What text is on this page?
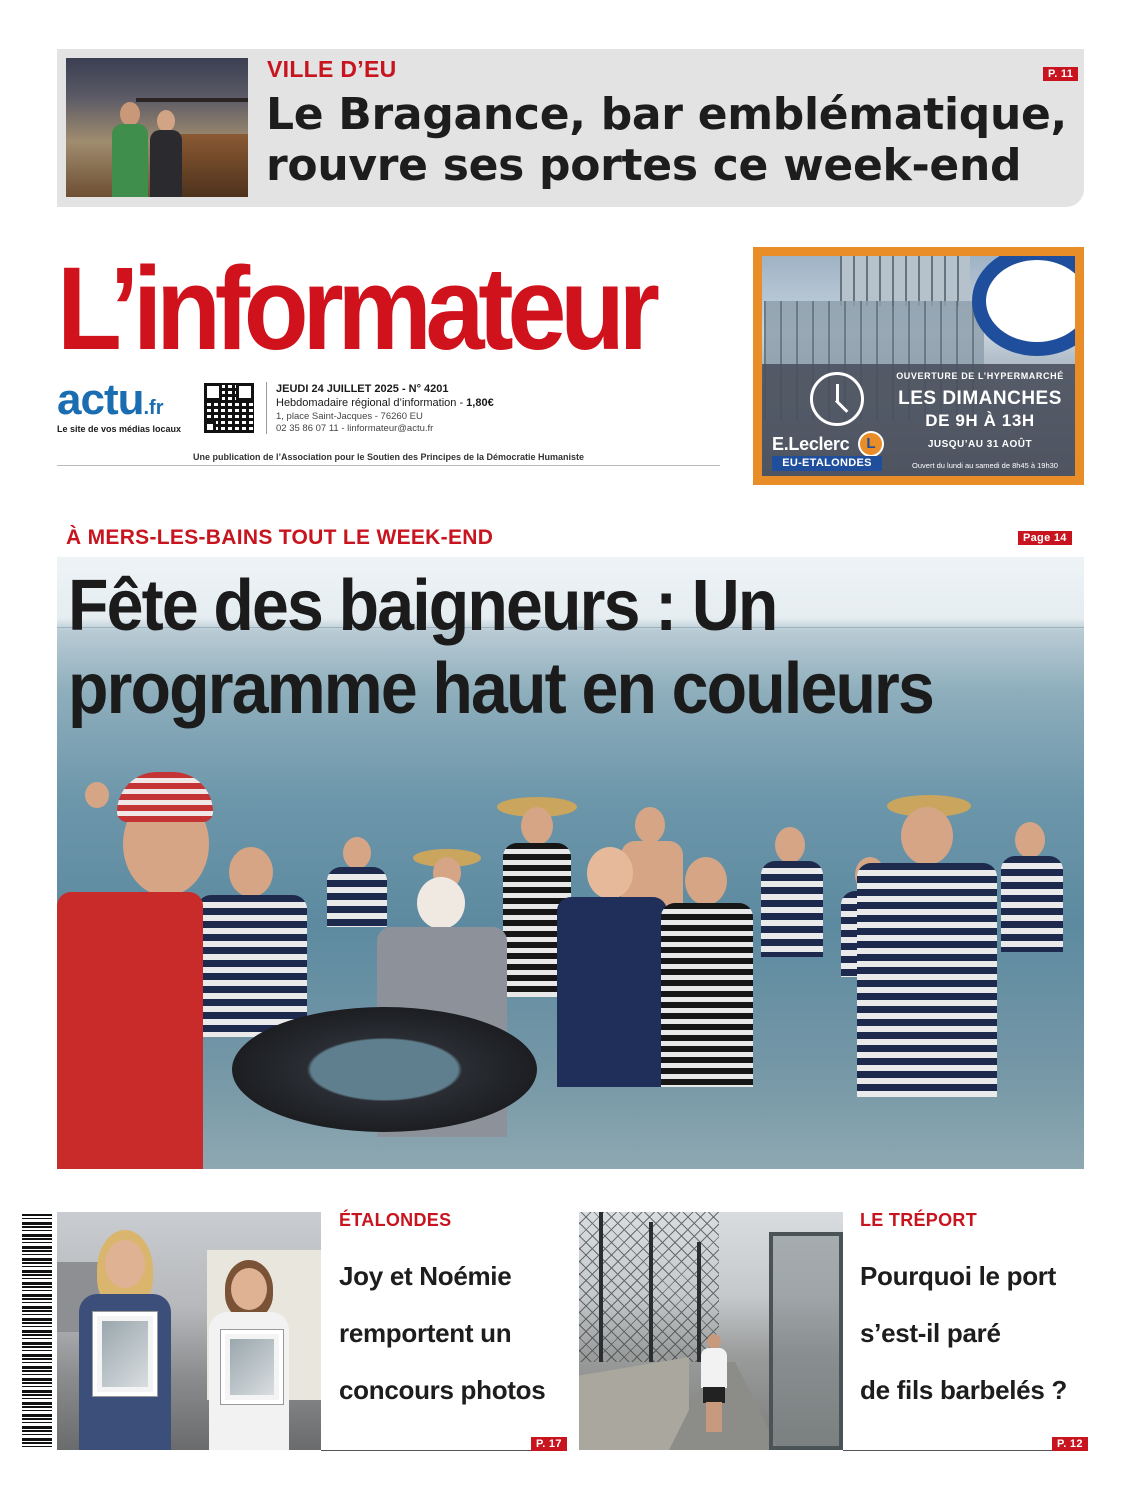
VILLE D’EU
Le Bragance, bar emblématique, rouvre ses portes ce week-end
P. 11
L’informateur
actu.fr
Le site de vos médias locaux
JEUDI 24 JUILLET 2025 - N° 4201
Hebdomadaire régional d’information - 1,80€
1, place Saint-Jacques - 76260 EU
02 35 86 07 11 - linformateur@actu.fr
Une publication de l’Association pour le Soutien des Principes de la Démocratie Humaniste
OUVERTURE DE L’HYPERMARCHÉ
LES DIMANCHES
DE 9H À 13H
JUSQU’AU 31 AOÛT
Ouvert du lundi au samedi de 8h45 à 19h30
E.Leclerc	L
EU-ETALONDES
À MERS-LES-BAINS TOUT LE WEEK-END	Page 14
Fête des baigneurs : Un programme haut en couleurs
ÉTALONDES
Joy et Noémie
remportent un
concours photos
P. 17
LE TRÉPORT
Pourquoi le port
s’est-il paré
de fils barbelés ?
P. 12
